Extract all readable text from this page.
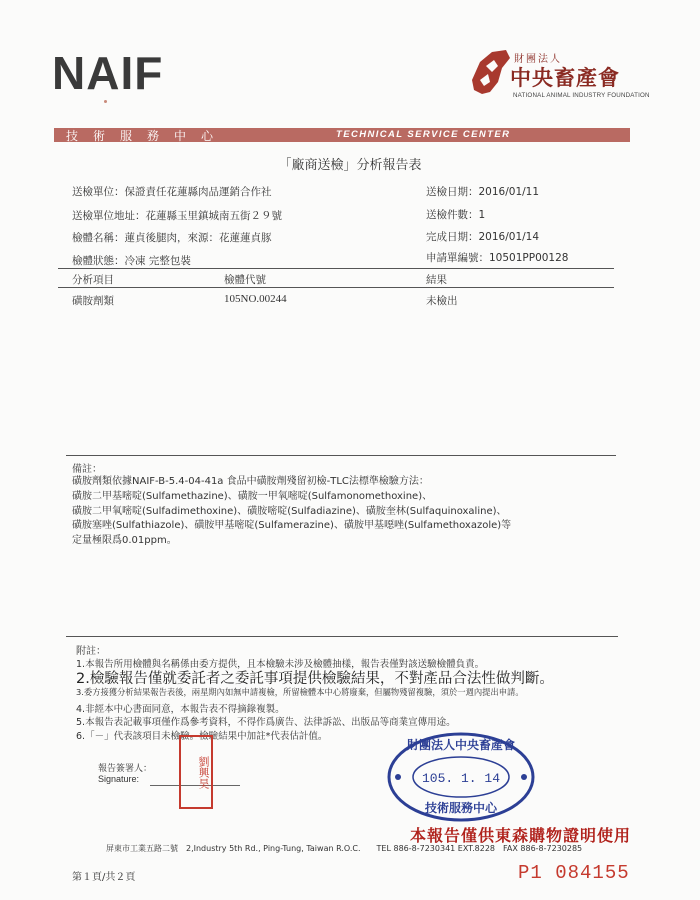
NAIF	財團法人
中央畜產會
NATIONAL ANIMAL INDUSTRY FOUNDATION
技術服務中心	TECHNICAL SERVICE CENTER
「廠商送檢」分析報告表
送檢單位：保證責任花蓮縣肉品運銷合作社
送檢單位地址：花蓮縣玉里鎮城南五街２９號
檢體名稱：蓮貞後腿肉，來源：花蓮蓮貞豚
檢體狀態：冷凍 完整包裝
送檢日期：2016/01/11
送檢件數：1
完成日期：2016/01/14
申請單編號：10501PP00128
分析項目	檢體代號	結果
磺胺劑類	105NO.00244	未檢出
備註：
磺胺劑類依據NAIF-B-5.4-04-41a 食品中磺胺劑殘留初檢-TLC法標準檢驗方法：
磺胺二甲基嘧啶(Sulfamethazine)、磺胺一甲氧嘧啶(Sulfamonomethoxine)、
磺胺二甲氧嘧啶(Sulfadimethoxine)、磺胺嘧啶(Sulfadiazine)、磺胺奎林(Sulfaquinoxaline)、
磺胺塞唑(Sulfathiazole)、磺胺甲基嘧啶(Sulfamerazine)、磺胺甲基噁唑(Sulfamethoxazole)等
定量極限爲0.01ppm。
附註：
1.本報告所用檢體與名稱係由委方提供，且本檢驗未涉及檢體抽樣，報告表僅對該送驗檢體負責。
2.檢驗報告僅就委託者之委託事項提供檢驗結果，不對產品合法性做判斷。
3.委方接獲分析結果報告表後，兩星期內如無申請複檢，所留檢體本中心將廢棄，但屬物殘留複驗，須於一週內提出申請。
4.非經本中心書面同意，本報告表不得摘錄複製。
5.本報告表記載事項僅作爲參考資料，不得作爲廣告、法律訴訟、出版品等商業宣傳用途。
6.「－」代表該項目未檢驗。檢驗結果中加註*代表估計值。
報告簽署人：
Signature:	劉興昊
財團法人中央畜產會
105. 1. 14
技術服務中心
本報告僅供東森購物證明使用
屏東市工業五路二號　2,Industry 5th Rd., Ping-Tung, Taiwan R.O.C.　　TEL 886-8-7230341 EXT.8228　FAX 886-8-7230285
第１頁/共２頁	P1 084155
